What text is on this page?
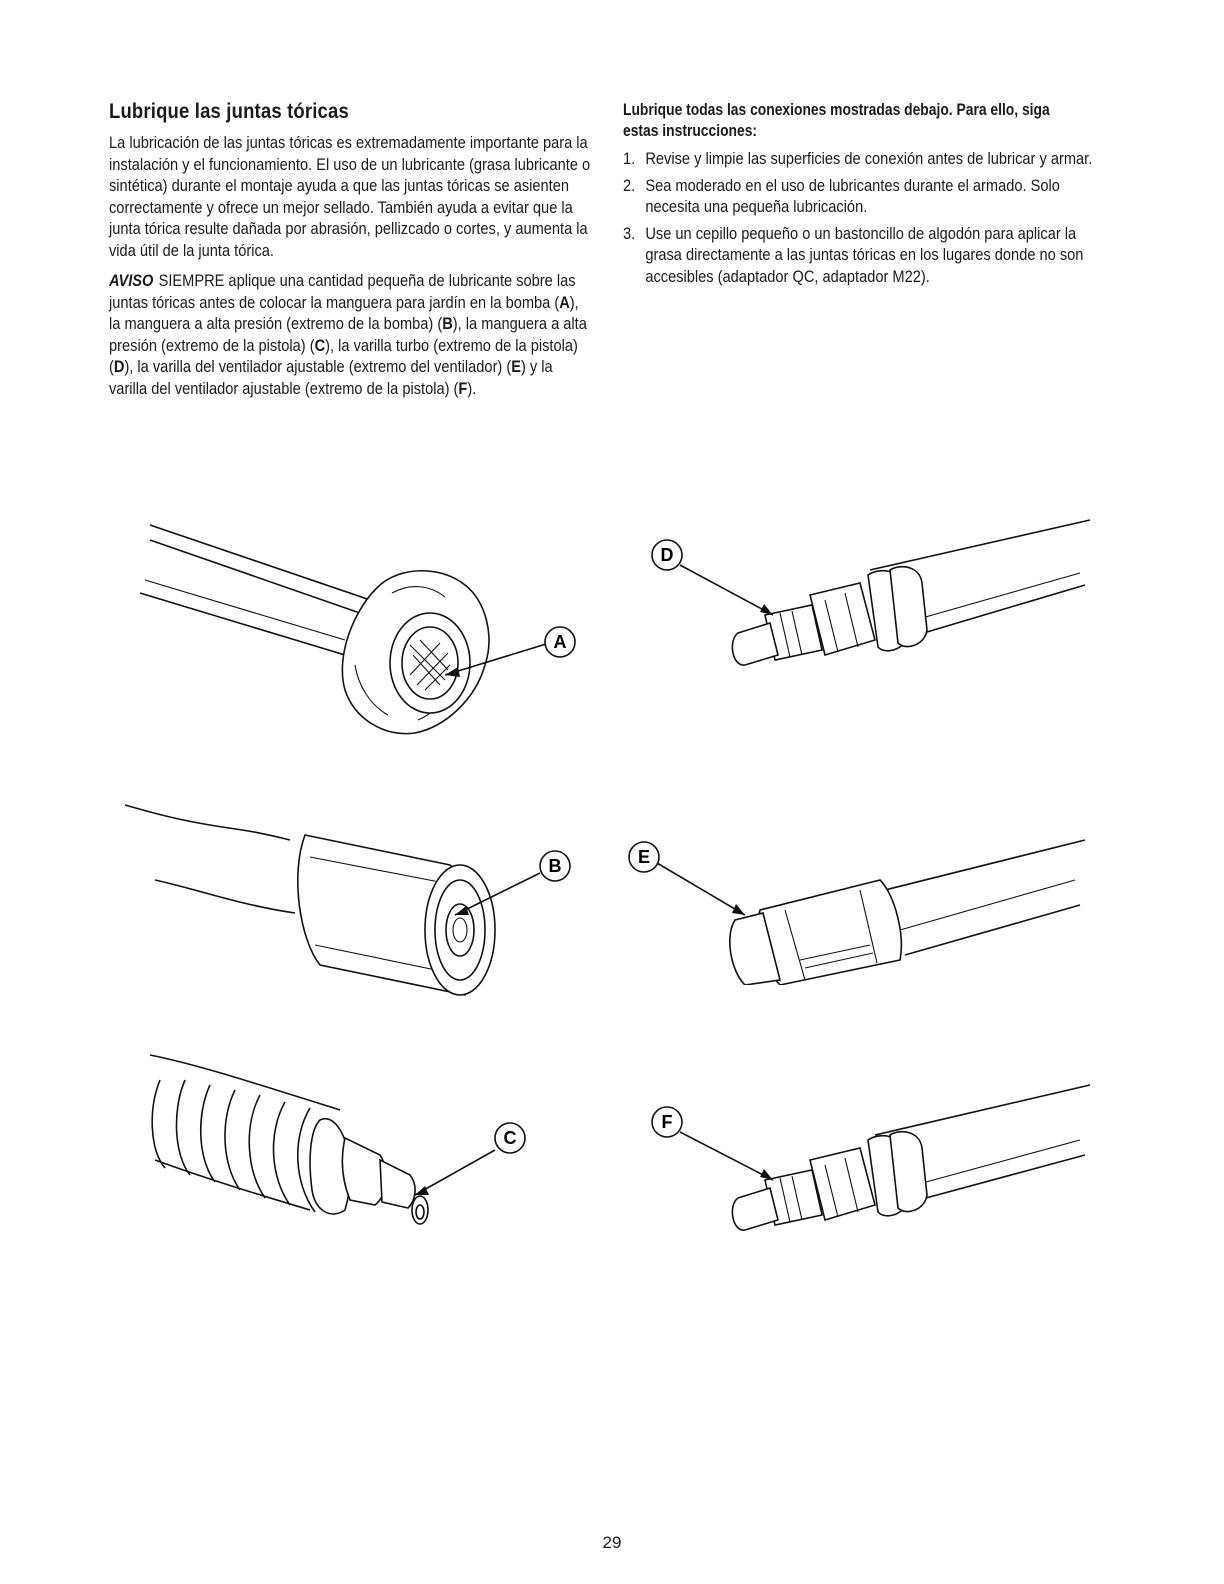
Lubrique las juntas tóricas

La lubricación de las juntas tóricas es extremadamente importante para la instalación y el funcionamiento. El uso de un lubricante (grasa lubricante o sintética) durante el montaje ayuda a que las juntas tóricas se asienten correctamente y ofrece un mejor sellado. También ayuda a evitar que la junta tórica resulte dañada por abrasión, pellizcado o cortes, y aumenta la vida útil de la junta tórica.

AVISO SIEMPRE aplique una cantidad pequeña de lubricante sobre las juntas tóricas antes de colocar la manguera para jardín en la bomba (A), la manguera a alta presión (extremo de la bomba) (B), la manguera a alta presión (extremo de la pistola) (C), la varilla turbo (extremo de la pistola) (D), la varilla del ventilador ajustable (extremo del ventilador) (E) y la varilla del ventilador ajustable (extremo de la pistola) (F).

Lubrique todas las conexiones mostradas debajo. Para ello, siga estas instrucciones:

1. Revise y limpie las superficies de conexión antes de lubricar y armar.
2. Sea moderado en el uso de lubricantes durante el armado. Solo necesita una pequeña lubricación.
3. Use un cepillo pequeño o un bastoncillo de algodón para aplicar la grasa directamente a las juntas tóricas en los lugares donde no son accesibles (adaptador QC, adaptador M22).
A
D
B	E
C
F
29
